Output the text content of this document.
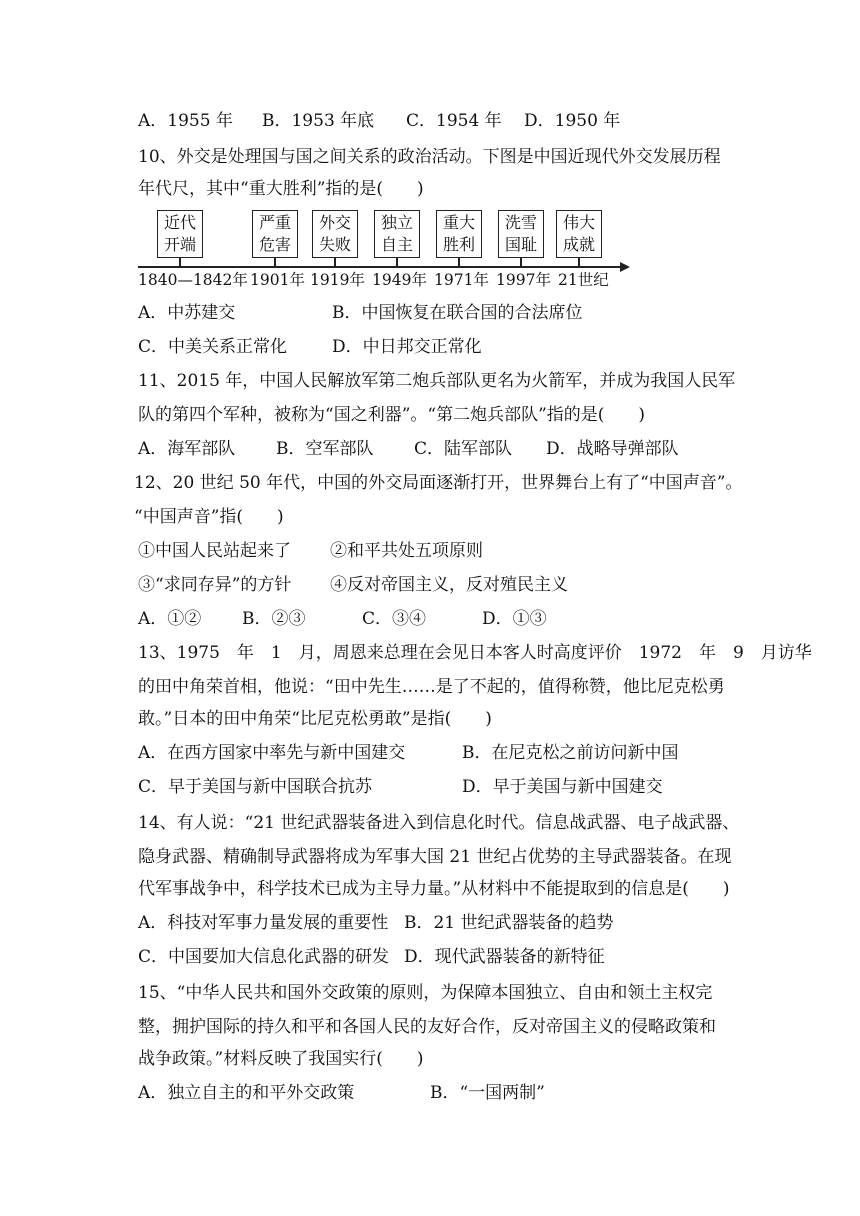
A．1955 年 B．1953 年底 C．1954 年 D．1950 年
10、外交是处理国与国之间关系的政治活动。下图是中国近现代外交发展历程
年代尺，其中“重大胜利”指的是(　　)
近代
开端
严重
危害
外交
失败
独立
自主
重大
胜利
洗雪
国耻
伟大
成就
1840—1842年 1901年 1919年 1949年 1971年 1997年 21世纪
A．中苏建交	B．中国恢复在联合国的合法席位
C．中美关系正常化	D．中日邦交正常化
11、2015 年，中国人民解放军第二炮兵部队更名为火箭军，并成为我国人民军
队的第四个军种，被称为“国之利器”。“第二炮兵部队”指的是(　　)
A．海军部队 B．空军部队 C．陆军部队 D．战略导弹部队
12、20 世纪 50 年代，中国的外交局面逐渐打开，世界舞台上有了“中国声音”。
“中国声音”指(　　)
①中国人民站起来了 ②和平共处五项原则
③“求同存异”的方针 ④反对帝国主义，反对殖民主义
A．①② B．②③	C．③④	D．①③
13、1975　年　1　月，周恩来总理在会见日本客人时高度评价　1972　年　9　月访华
的田中角荣首相，他说：“田中先生……是了不起的，值得称赞，他比尼克松勇
敢。”日本的田中角荣“比尼克松勇敢”是指(　　)
A．在西方国家中率先与新中国建交	B．在尼克松之前访问新中国
C．早于美国与新中国联合抗苏	D．早于美国与新中国建交
14、有人说：“21 世纪武器装备进入到信息化时代。信息战武器、电子战武器、
隐身武器、精确制导武器将成为军事大国 21 世纪占优势的主导武器装备。在现
代军事战争中，科学技术已成为主导力量。”从材料中不能提取到的信息是(　　)
A．科技对军事力量发展的重要性 B．21 世纪武器装备的趋势
C．中国要加大信息化武器的研发 D．现代武器装备的新特征
15、“中华人民共和国外交政策的原则，为保障本国独立、自由和领土主权完
整，拥护国际的持久和平和各国人民的友好合作，反对帝国主义的侵略政策和
战争政策。”材料反映了我国实行(　　)
A．独立自主的和平外交政策	B．“一国两制”
